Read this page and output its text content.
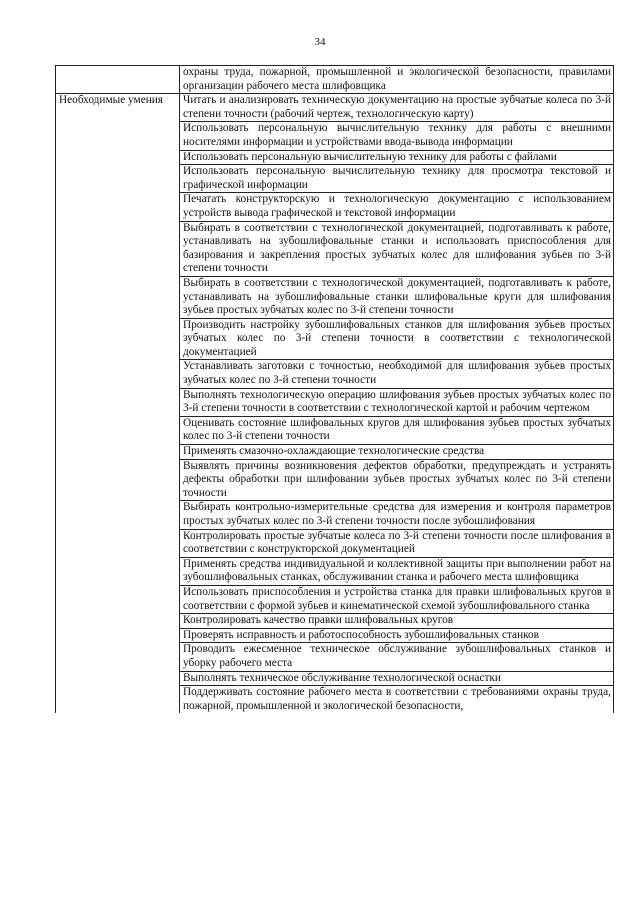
34
	охраны труда, пожарной, промышленной и экологической безопасности, правилами организации рабочего места шлифовщика
Необходимые умения	Читать и анализировать техническую документацию на простые зубчатые колеса по 3-й степени точности (рабочий чертеж, технологическую карту)
	Использовать персональную вычислительную технику для работы с внешними носителями информации и устройствами ввода-вывода информации
	Использовать персональную вычислительную технику для работы с файлами
	Использовать персональную вычислительную технику для просмотра текстовой и графической информации
	Печатать конструкторскую и технологическую документацию с использованием устройств вывода графической и текстовой информации
	Выбирать в соответствии с технологической документацией, подготавливать к работе, устанавливать на зубошлифовальные станки и использовать приспособления для базирования и закрепления простых зубчатых колес для шлифования зубьев по 3-й степени точности
	Выбирать в соответствии с технологической документацией, подготавливать к работе, устанавливать на зубошлифовальные станки шлифовальные круги для шлифования зубьев простых зубчатых колес по 3-й степени точности
	Производить настройку зубошлифовальных станков для шлифования зубьев простых зубчатых колес по 3-й степени точности в соответствии с технологической документацией
	Устанавливать заготовки с точностью, необходимой для шлифования зубьев простых зубчатых колес по 3-й степени точности
	Выполнять технологическую операцию шлифования зубьев простых зубчатых колес по 3-й степени точности в соответствии с технологической картой и рабочим чертежом
	Оценивать состояние шлифовальных кругов для шлифования зубьев простых зубчатых колес по 3-й степени точности
	Применять смазочно-охлаждающие технологические средства
	Выявлять причины возникновения дефектов обработки, предупреждать и устранять дефекты обработки при шлифовании зубьев простых зубчатых колес по 3-й степени точности
	Выбирать контрольно-измерительные средства для измерения и контроля параметров простых зубчатых колес по 3-й степени точности после зубошлифования
	Контролировать простые зубчатые колеса по 3-й степени точности после шлифования в соответствии с конструкторской документацией
	Применять средства индивидуальной и коллективной защиты при выполнении работ на зубошлифовальных станках, обслуживании станка и рабочего места шлифовщика
	Использовать приспособления и устройства станка для правки шлифовальных кругов в соответствии с формой зубьев и кинематической схемой зубошлифовального станка
	Контролировать качество правки шлифовальных кругов
	Проверять исправность и работоспособность зубошлифовальных станков
	Проводить ежесменное техническое обслуживание зубошлифовальных станков и уборку рабочего места
	Выполнять техническое обслуживание технологической оснастки
	Поддерживать состояние рабочего места в соответствии с требованиями охраны труда, пожарной, промышленной и экологической безопасности,
